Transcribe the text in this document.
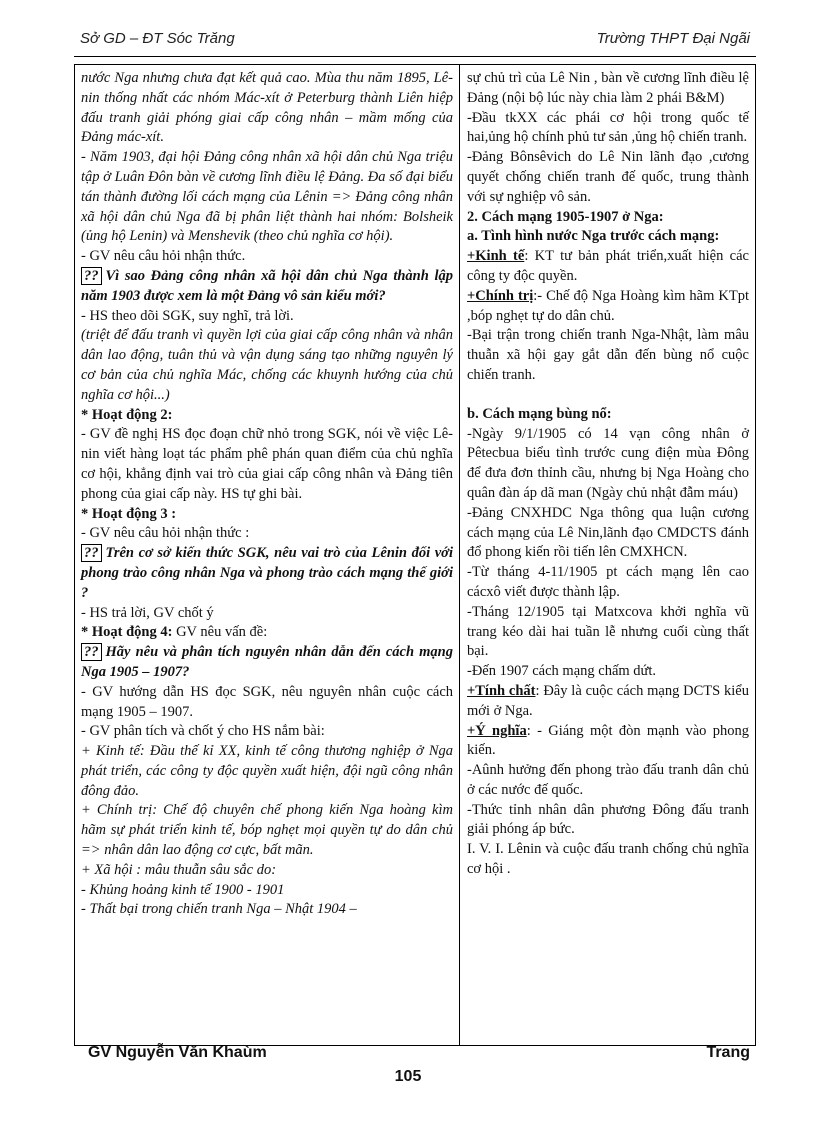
Sở GD – ĐT Sóc Trăng	Trường THPT Đại Ngãi

nước Nga nhưng chưa đạt kết quả cao. Mùa thu năm 1895, Lê-nin thống nhất các nhóm Mác-xít ở Peterburg thành Liên hiệp đấu tranh giải phóng giai cấp công nhân – mầm mống của Đảng mác-xít.

- Năm 1903, đại hội Đảng công nhân xã hội dân chủ Nga triệu tập ở Luân Đôn bàn về cương lĩnh điều lệ Đảng. Đa số đại biểu tán thành đường lối cách mạng của Lênin => Đảng công nhân xã hội dân chủ Nga đã bị phân liệt thành hai nhóm: Bolsheik (ủng hộ Lenin) và Menshevik (theo chủ nghĩa cơ hội).

- GV nêu câu hỏi nhận thức.

?? Vì sao Đảng công nhân xã hội dân chủ Nga thành lập năm 1903 được xem là một Đảng vô sản kiểu mới?

- HS theo dõi SGK, suy nghĩ, trả lời.

(triệt để đấu tranh vì quyền lợi của giai cấp công nhân và nhân dân lao động, tuân thủ và vận dụng sáng tạo những nguyên lý cơ bản của chủ nghĩa Mác, chống các khuynh hướng của chủ nghĩa cơ hội...)

* Hoạt động 2:

- GV đề nghị HS đọc đoạn chữ nhỏ trong SGK, nói về việc Lê-nin viết hàng loạt tác phẩm phê phán quan điểm của chủ nghĩa cơ hội, khẳng định vai trò của giai cấp công nhân và Đảng tiên phong của giai cấp này. HS tự ghi bài.

* Hoạt động 3 :

- GV nêu câu hỏi nhận thức :

?? Trên cơ sở kiến thức SGK, nêu vai trò của Lênin đối với phong trào công nhân Nga và phong trào cách mạng thế giới ?

- HS trả lời, GV chốt ý

* Hoạt động 4: GV nêu vấn đề:

?? Hãy nêu và phân tích nguyên nhân dẫn đến cách mạng Nga 1905 – 1907?

- GV hướng dẫn HS đọc SGK, nêu nguyên nhân cuộc cách mạng 1905 – 1907.

- GV phân tích và chốt ý cho HS nắm bài:

+ Kinh tế: Đầu thế kỉ XX, kinh tế công thương nghiệp ở Nga phát triển, các công ty độc quyền xuất hiện, đội ngũ công nhân đông đảo.

+ Chính trị: Chế độ chuyên chế phong kiến Nga hoàng kìm hãm sự phát triển kinh tế, bóp nghẹt mọi quyền tự do dân chủ => nhân dân lao động cơ cực, bất mãn.

+ Xã hội : mâu thuẫn sâu sắc do:

- Khủng hoảng kinh tế 1900 - 1901

- Thất bại trong chiến tranh Nga – Nhật 1904 –

sự chủ trì của Lê Nin , bàn về cương lĩnh điều lệ Đảng (nội bộ lúc này chia làm 2 phái B&M)

-Đầu tkXX các phái cơ hội trong quốc tế hai,ủng hộ chính phủ tư sản ,ủng hộ chiến tranh.

-Đảng Bônsêvich do Lê Nin lãnh đạo ,cương quyết chống chiến tranh đế quốc, trung thành với sự nghiệp vô sản.

2. Cách mạng 1905-1907 ở Nga:

a. Tình hình nước Nga trước cách mạng:

+Kinh tế: KT tư bản phát triển,xuất hiện các công ty độc quyền.

+Chính trị:- Chế độ Nga Hoàng kìm hãm KTpt ,bóp nghẹt tự do dân chủ.

-Bại trận trong chiến tranh Nga-Nhật, làm mâu thuẫn xã hội gay gắt dẫn đến bùng nổ cuộc chiến tranh.

b. Cách mạng bùng nổ:

-Ngày 9/1/1905 có 14 vạn công nhân ở Pêtecbua biểu tình trước cung điện mùa Đông để đưa đơn thỉnh cầu, nhưng bị Nga Hoàng cho quân đàn áp dã man (Ngày chủ nhật đẫm máu)

-Đảng CNXHDC Nga thông qua luận cương cách mạng của Lê Nin,lãnh đạo CMDCTS đánh đổ phong kiến rồi tiến lên CMXHCN.

-Từ tháng 4-11/1905 pt cách mạng lên cao cácxô viết được thành lập.

-Tháng 12/1905 tại Matxcova khởi nghĩa vũ trang kéo dài hai tuần lễ nhưng cuối cùng thất bại.

-Đến 1907 cách mạng chấm dứt.

+Tính chất: Đây là cuộc cách mạng DCTS kiểu mới ở Nga.

+Ý nghĩa: - Giáng một đòn mạnh vào phong kiến.

-Aûnh hưởng đến phong trào đấu tranh dân chủ ở các nước đế quốc.

-Thức tỉnh nhân dân phương Đông đấu tranh giải phóng áp bức.

I. V. I. Lênin và cuộc đấu tranh chống chủ nghĩa cơ hội .

GV Nguyễn Văn Khaùm	Trang
105
